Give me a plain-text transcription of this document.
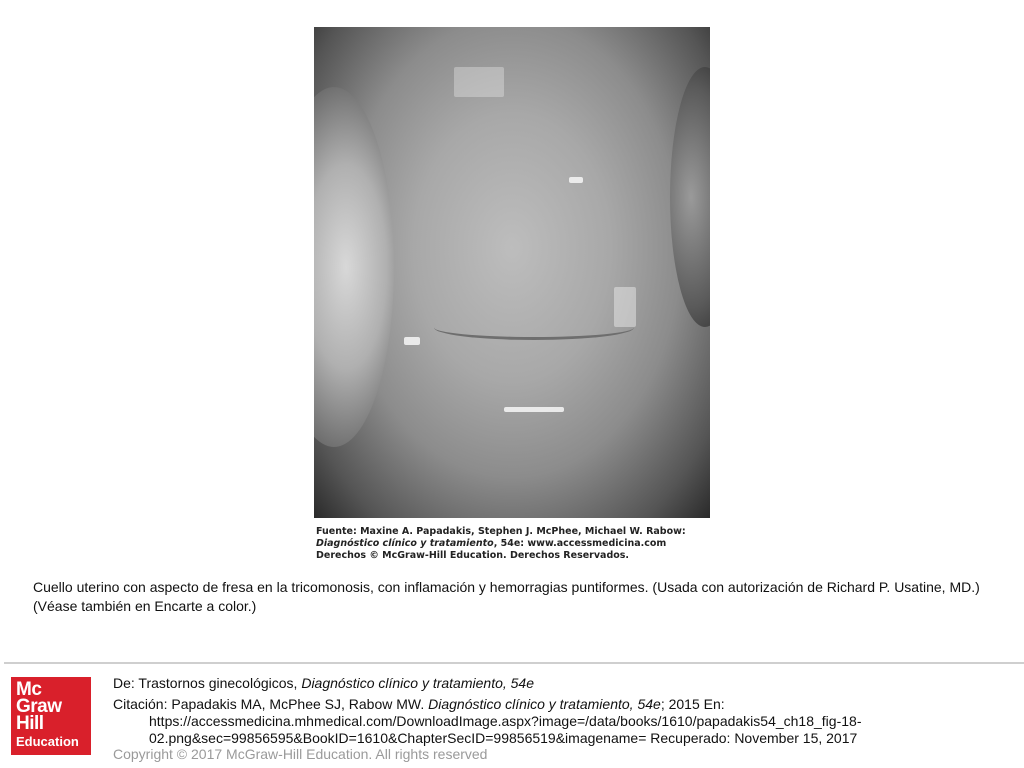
Fuente: Maxine A. Papadakis, Stephen J. McPhee, Michael W. Rabow: Diagnóstico clínico y tratamiento, 54e: www.accessmedicina.com
Derechos © McGraw-Hill Education. Derechos Reservados.

Cuello uterino con aspecto de fresa en la tricomonosis, con inflamación y hemorragias puntiformes. (Usada con autorización de Richard P. Usatine, MD.)
(Véase también en Encarte a color.)
Mc
Graw
Hill
Education
De: Trastornos ginecológicos, Diagnóstico clínico y tratamiento, 54e
Citación: Papadakis MA, McPhee SJ, Rabow MW. Diagnóstico clínico y tratamiento, 54e; 2015 En:
https://accessmedicina.mhmedical.com/DownloadImage.aspx?image=/data/books/1610/papadakis54_ch18_fig-18-02.png&sec=99856595&BookID=1610&ChapterSecID=99856519&imagename= Recuperado: November 15, 2017
Copyright © 2017 McGraw-Hill Education. All rights reserved
